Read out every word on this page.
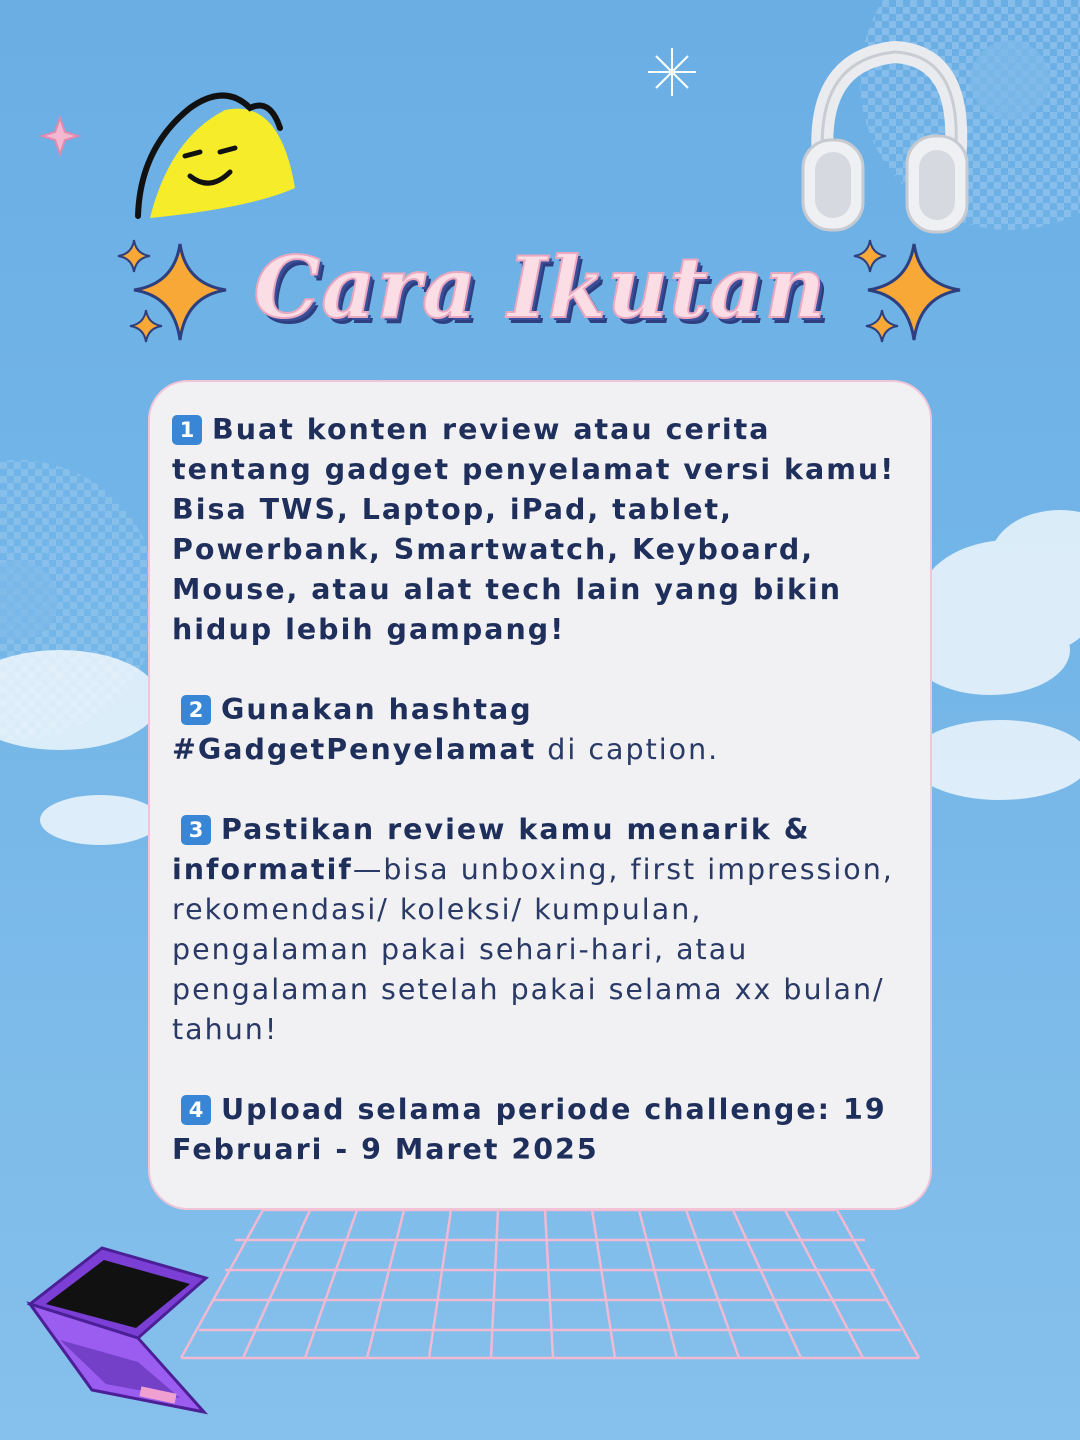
Cara Ikutan
1 Buat konten review atau cerita tentang gadget penyelamat versi kamu! Bisa TWS, Laptop, iPad, tablet, Powerbank, Smartwatch, Keyboard, Mouse, atau alat tech lain yang bikin hidup lebih gampang!
2 Gunakan hashtag #GadgetPenyelamat di caption.
3 Pastikan review kamu menarik & informatif—bisa unboxing, first impression, rekomendasi/ koleksi/ kumpulan, pengalaman pakai sehari-hari, atau pengalaman setelah pakai selama xx bulan/ tahun!
4 Upload selama periode challenge: 19 Februari - 9 Maret 2025
